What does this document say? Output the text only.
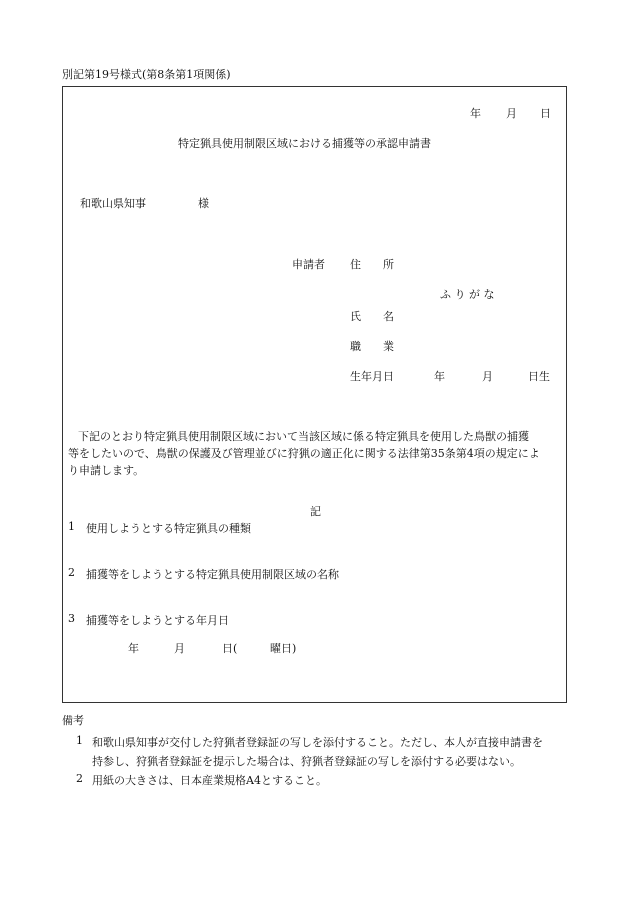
別記第19号様式(第8条第1項関係)
年 月 日
特定猟具使用制限区域における捕獲等の承認申請書
和歌山県知事	様
申請者 住　　所
ふ り が な
氏　　名
職　　業
生年月日	年	月	日生
下記のとおり特定猟具使用制限区域において当該区域に係る特定猟具を使用した鳥獣の捕獲
等をしたいので、鳥獣の保護及び管理並びに狩猟の適正化に関する法律第35条第4項の規定によ
り申請します。
記
1 使用しようとする特定猟具の種類
2 捕獲等をしようとする特定猟具使用制限区域の名称
3 捕獲等をしようとする年月日
年	月	日(	曜日)
備考
1 和歌山県知事が交付した狩猟者登録証の写しを添付すること。ただし、本人が直接申請書を
持参し、狩猟者登録証を提示した場合は、狩猟者登録証の写しを添付する必要はない。
2 用紙の大きさは、日本産業規格A4とすること。
